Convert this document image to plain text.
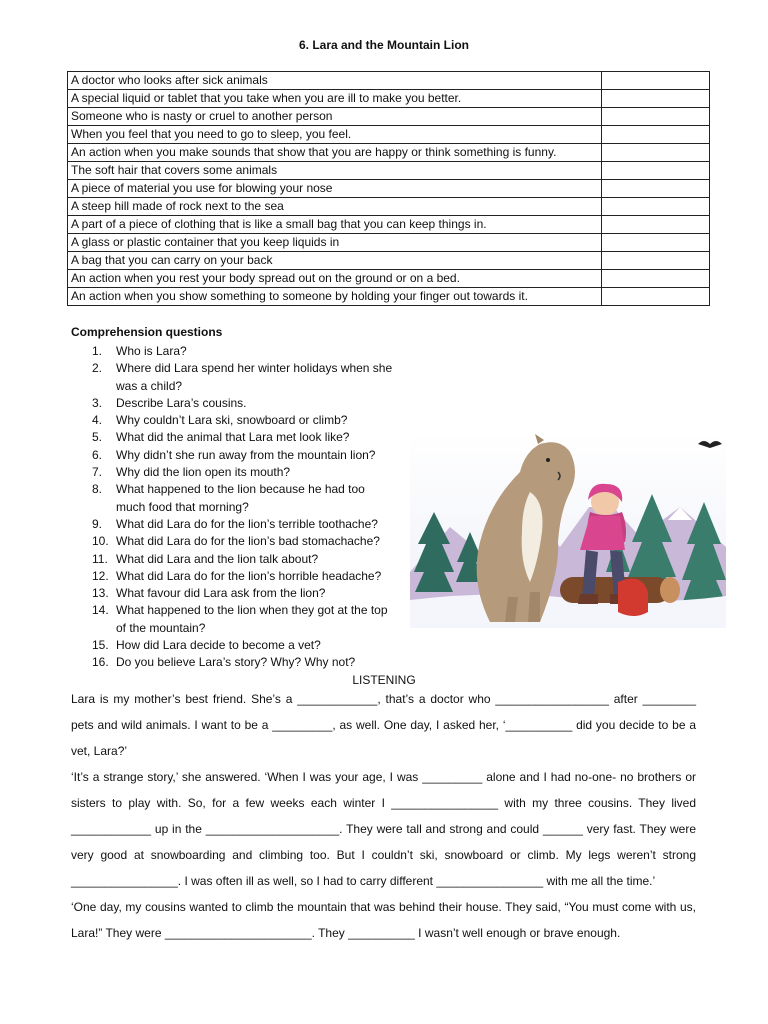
6. Lara and the Mountain Lion
A doctor who looks after sick animals	
A special liquid or tablet that you take when you are ill to make you better.	
Someone who is nasty or cruel to another person	
When you feel that you need to go to sleep, you feel.	
An action when you make sounds that show that you are happy or think something is funny.	
The soft hair that covers some animals	
A piece of material you use for blowing your nose	
A steep hill made of rock next to the sea	
A part of a piece of clothing that is like a small bag that you can keep things in.	
A glass or plastic container that you keep liquids in	
A bag that you can carry on your back	
An action when you rest your body spread out on the ground or on a bed.	
An action when you show something to someone by holding your finger out towards it.	
Comprehension questions
1. Who is Lara?
2. Where did Lara spend her winter holidays when she was a child?
3. Describe Lara’s cousins.
4. Why couldn’t Lara ski, snowboard or climb?
5. What did the animal that Lara met look like?
6. Why didn’t she run away from the mountain lion?
7. Why did the lion open its mouth?
8. What happened to the lion because he had too much food that morning?
9. What did Lara do for the lion’s terrible toothache?
10. What did Lara do for the lion’s bad stomachache?
11. What did Lara and the lion talk about?
12. What did Lara do for the lion’s horrible headache?
13. What favour did Lara ask from the lion?
14. What happened to the lion when they got at the top of the mountain?
15. How did Lara decide to become a vet?
16. Do you believe Lara’s story? Why? Why not?
LISTENING

Lara is my mother’s best friend. She’s a ____________, that’s a doctor who _________________ after ________ pets and wild animals. I want to be a _________, as well. One day, I asked her, ‘__________ did you decide to be a vet, Lara?’

‘It’s a strange story,’ she answered. ‘When I was your age, I was _________ alone and I had no-one- no brothers or sisters to play with. So, for a few weeks each winter I ________________ with my three cousins. They lived ____________ up in the ____________________. They were tall and strong and could ______ very fast. They were very good at snowboarding and climbing too. But I couldn’t ski, snowboard or climb. My legs weren’t strong ________________. I was often ill as well, so I had to carry different ________________ with me all the time.’

‘One day, my cousins wanted to climb the mountain that was behind their house. They said, “You must come with us, Lara!” They were ______________________. They __________ I wasn’t well enough or brave enough.
